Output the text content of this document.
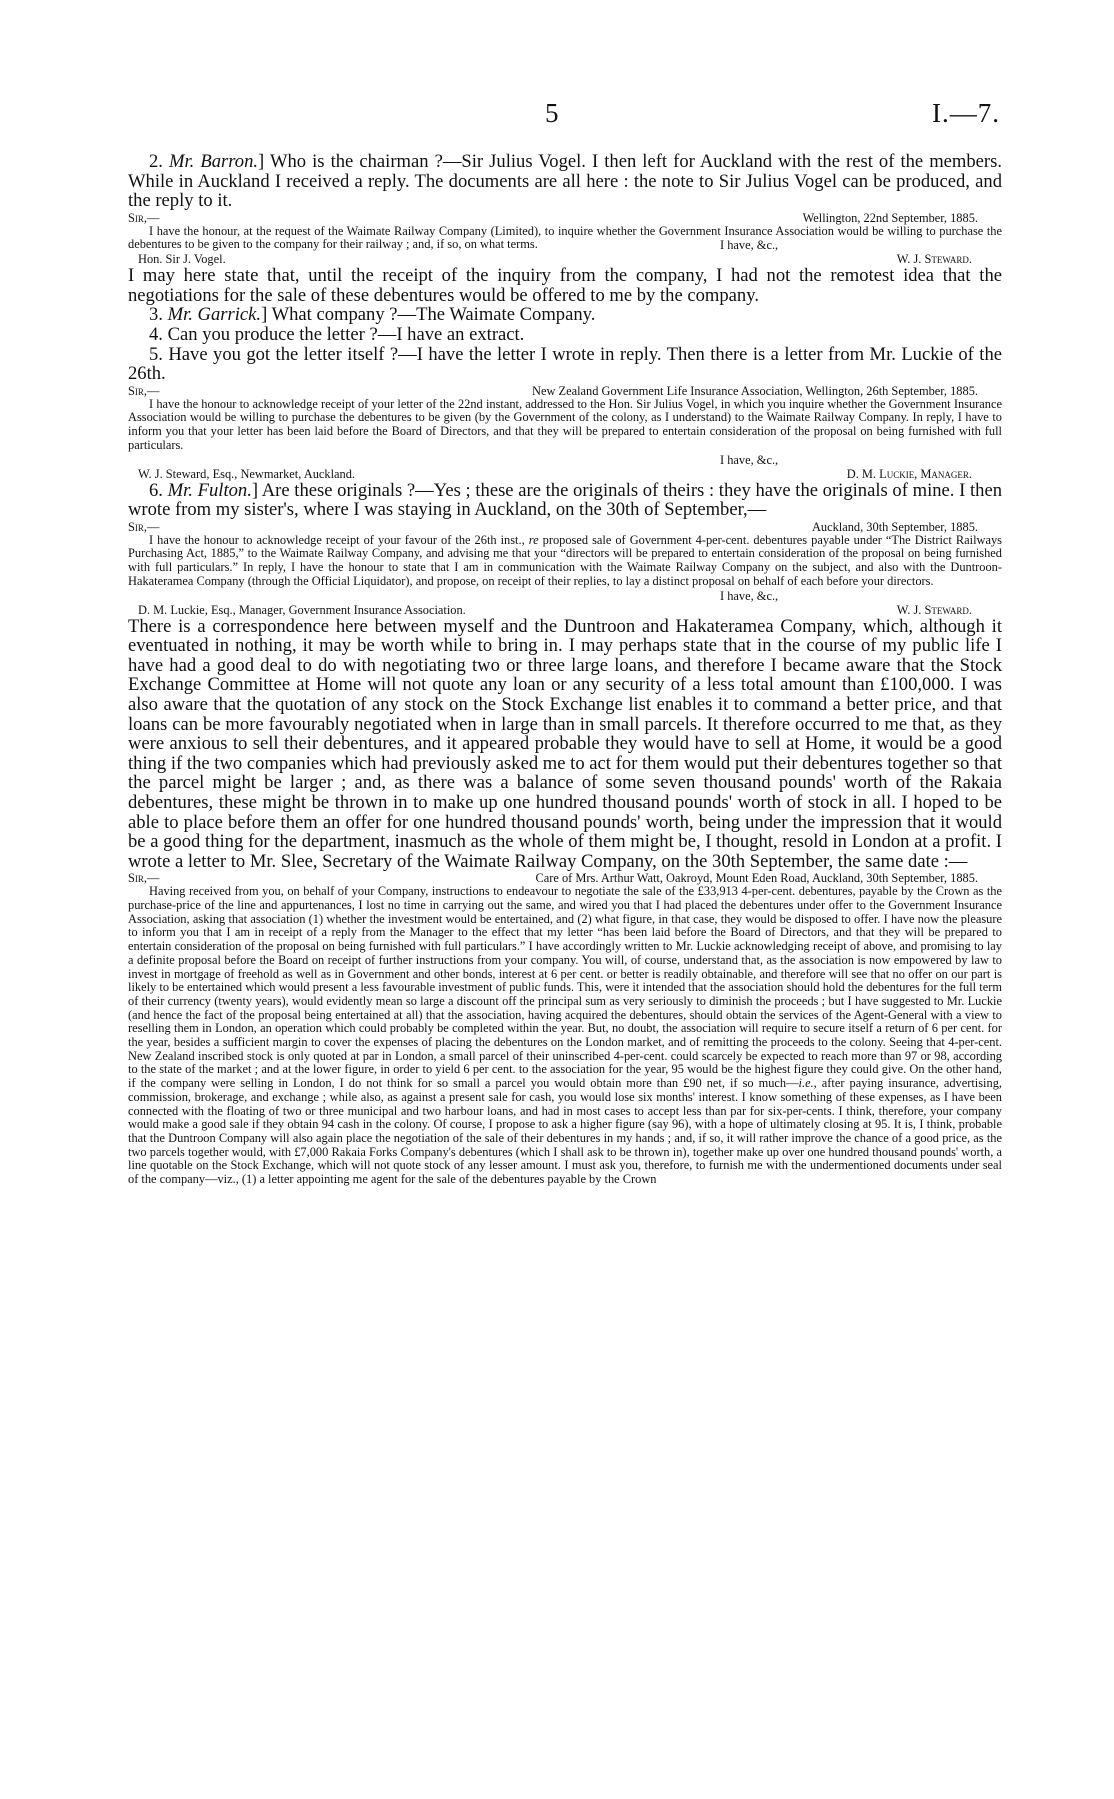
5	I.—7.

2. Mr. Barron.] Who is the chairman ?—Sir Julius Vogel. I then left for Auckland with the rest of the members. While in Auckland I received a reply. The documents are all here : the note to Sir Julius Vogel can be produced, and the reply to it.

Sir,—	Wellington, 22nd September, 1885.

I have the honour, at the request of the Waimate Railway Company (Limited), to inquire whether the Government Insurance Association would be willing to purchase the debentures to be given to the company for their railway ; and, if so, on what terms.	I have, &c.,

Hon. Sir J. Vogel.	W. J. Steward.

I may here state that, until the receipt of the inquiry from the company, I had not the remotest idea that the negotiations for the sale of these debentures would be offered to me by the company.

3. Mr. Garrick.] What company ?—The Waimate Company.

4. Can you produce the letter ?—I have an extract.

5. Have you got the letter itself ?—I have the letter I wrote in reply. Then there is a letter from Mr. Luckie of the 26th.

Sir,—	New Zealand Government Life Insurance Association, Wellington, 26th September, 1885.

I have the honour to acknowledge receipt of your letter of the 22nd instant, addressed to the Hon. Sir Julius Vogel, in which you inquire whether the Government Insurance Association would be willing to purchase the debentures to be given (by the Government of the colony, as I understand) to the Waimate Railway Company. In reply, I have to inform you that your letter has been laid before the Board of Directors, and that they will be prepared to entertain consideration of the proposal on being furnished with full particulars.

I have, &c.,

W. J. Steward, Esq., Newmarket, Auckland.	D. M. Luckie, Manager.

6. Mr. Fulton.] Are these originals ?—Yes ; these are the originals of theirs : they have the originals of mine. I then wrote from my sister's, where I was staying in Auckland, on the 30th of September,—

Sir,—	Auckland, 30th September, 1885.

I have the honour to acknowledge receipt of your favour of the 26th inst., re proposed sale of Government 4-per-cent. debentures payable under “The District Railways Purchasing Act, 1885,” to the Waimate Railway Company, and advising me that your “directors will be prepared to entertain consideration of the proposal on being furnished with full particulars.” In reply, I have the honour to state that I am in communication with the Waimate Railway Company on the subject, and also with the Duntroon-Hakateramea Company (through the Official Liquidator), and propose, on receipt of their replies, to lay a distinct proposal on behalf of each before your directors.

I have, &c.,

D. M. Luckie, Esq., Manager, Government Insurance Association.	W. J. Steward.

There is a correspondence here between myself and the Duntroon and Hakateramea Company, which, although it eventuated in nothing, it may be worth while to bring in. I may perhaps state that in the course of my public life I have had a good deal to do with negotiating two or three large loans, and therefore I became aware that the Stock Exchange Committee at Home will not quote any loan or any security of a less total amount than £100,000. I was also aware that the quotation of any stock on the Stock Exchange list enables it to command a better price, and that loans can be more favourably negotiated when in large than in small parcels. It therefore occurred to me that, as they were anxious to sell their debentures, and it appeared probable they would have to sell at Home, it would be a good thing if the two companies which had previously asked me to act for them would put their debentures together so that the parcel might be larger ; and, as there was a balance of some seven thousand pounds' worth of the Rakaia debentures, these might be thrown in to make up one hundred thousand pounds' worth of stock in all. I hoped to be able to place before them an offer for one hundred thousand pounds' worth, being under the impression that it would be a good thing for the department, inasmuch as the whole of them might be, I thought, resold in London at a profit. I wrote a letter to Mr. Slee, Secretary of the Waimate Railway Company, on the 30th September, the same date :—

Sir,—	Care of Mrs. Arthur Watt, Oakroyd, Mount Eden Road, Auckland, 30th September, 1885.

Having received from you, on behalf of your Company, instructions to endeavour to negotiate the sale of the £33,913 4-per-cent. debentures, payable by the Crown as the purchase-price of the line and appurtenances, I lost no time in carrying out the same, and wired you that I had placed the debentures under offer to the Government Insurance Association, asking that association (1) whether the investment would be entertained, and (2) what figure, in that case, they would be disposed to offer. I have now the pleasure to inform you that I am in receipt of a reply from the Manager to the effect that my letter “has been laid before the Board of Directors, and that they will be prepared to entertain consideration of the proposal on being furnished with full particulars.” I have accordingly written to Mr. Luckie acknowledging receipt of above, and promising to lay a definite proposal before the Board on receipt of further instructions from your company. You will, of course, understand that, as the association is now empowered by law to invest in mortgage of freehold as well as in Government and other bonds, interest at 6 per cent. or better is readily obtainable, and therefore will see that no offer on our part is likely to be entertained which would present a less favourable investment of public funds. This, were it intended that the association should hold the debentures for the full term of their currency (twenty years), would evidently mean so large a discount off the principal sum as very seriously to diminish the proceeds ; but I have suggested to Mr. Luckie (and hence the fact of the proposal being entertained at all) that the association, having acquired the debentures, should obtain the services of the Agent-General with a view to reselling them in London, an operation which could probably be completed within the year. But, no doubt, the association will require to secure itself a return of 6 per cent. for the year, besides a sufficient margin to cover the expenses of placing the debentures on the London market, and of remitting the proceeds to the colony. Seeing that 4-per-cent. New Zealand inscribed stock is only quoted at par in London, a small parcel of their uninscribed 4-per-cent. could scarcely be expected to reach more than 97 or 98, according to the state of the market ; and at the lower figure, in order to yield 6 per cent. to the association for the year, 95 would be the highest figure they could give. On the other hand, if the company were selling in London, I do not think for so small a parcel you would obtain more than £90 net, if so much—i.e., after paying insurance, advertising, commission, brokerage, and exchange ; while also, as against a present sale for cash, you would lose six months' interest. I know something of these expenses, as I have been connected with the floating of two or three municipal and two harbour loans, and had in most cases to accept less than par for six-per-cents. I think, therefore, your company would make a good sale if they obtain 94 cash in the colony. Of course, I propose to ask a higher figure (say 96), with a hope of ultimately closing at 95. It is, I think, probable that the Duntroon Company will also again place the negotiation of the sale of their debentures in my hands ; and, if so, it will rather improve the chance of a good price, as the two parcels together would, with £7,000 Rakaia Forks Company's debentures (which I shall ask to be thrown in), together make up over one hundred thousand pounds' worth, a line quotable on the Stock Exchange, which will not quote stock of any lesser amount. I must ask you, therefore, to furnish me with the undermentioned documents under seal of the company—viz., (1) a letter appointing me agent for the sale of the debentures payable by the Crown
